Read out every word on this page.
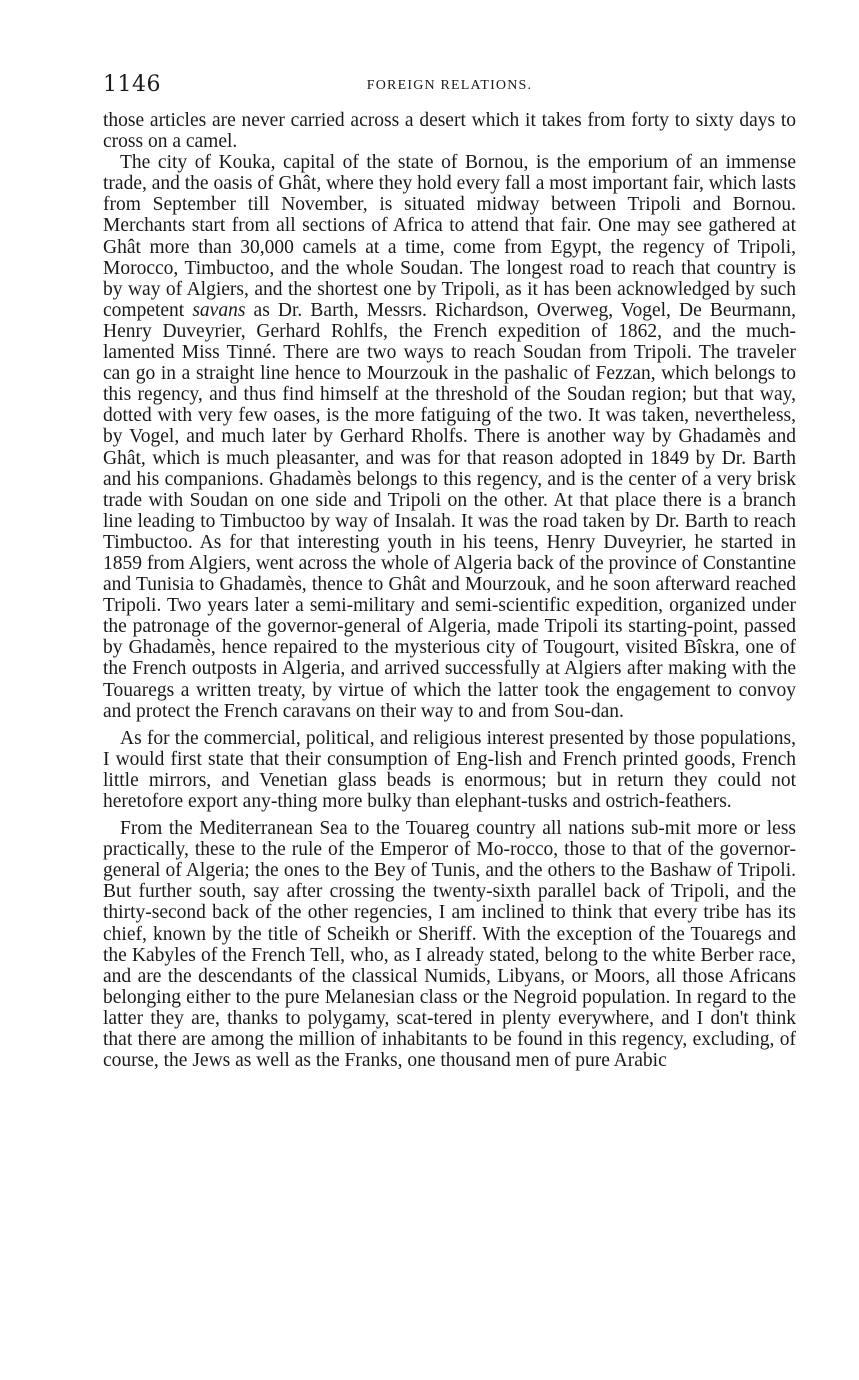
1146	FOREIGN RELATIONS.

those articles are never carried across a desert which it takes from forty to sixty days to cross on a camel.

The city of Kouka, capital of the state of Bornou, is the emporium of an immense trade, and the oasis of Ghât, where they hold every fall a most important fair, which lasts from September till November, is situated midway between Tripoli and Bornou. Merchants start from all sections of Africa to attend that fair. One may see gathered at Ghât more than 30,000 camels at a time, come from Egypt, the regency of Tripoli, Morocco, Timbuctoo, and the whole Soudan. The longest road to reach that country is by way of Algiers, and the shortest one by Tripoli, as it has been acknowledged by such competent savans as Dr. Barth, Messrs. Richardson, Overweg, Vogel, De Beurmann, Henry Duveyrier, Gerhard Rohlfs, the French expedition of 1862, and the much-lamented Miss Tinné. There are two ways to reach Soudan from Tripoli. The traveler can go in a straight line hence to Mourzouk in the pashalic of Fezzan, which belongs to this regency, and thus find himself at the threshold of the Soudan region; but that way, dotted with very few oases, is the more fatiguing of the two. It was taken, nevertheless, by Vogel, and much later by Gerhard Rholfs. There is another way by Ghadamès and Ghât, which is much pleasanter, and was for that reason adopted in 1849 by Dr. Barth and his companions. Ghadamès belongs to this regency, and is the center of a very brisk trade with Soudan on one side and Tripoli on the other. At that place there is a branch line leading to Timbuctoo by way of Insalah. It was the road taken by Dr. Barth to reach Timbuctoo. As for that interesting youth in his teens, Henry Duveyrier, he started in 1859 from Algiers, went across the whole of Algeria back of the province of Constantine and Tunisia to Ghadamès, thence to Ghât and Mourzouk, and he soon afterward reached Tripoli. Two years later a semi-military and semi-scientific expedition, organized under the patronage of the governor-general of Algeria, made Tripoli its starting-point, passed by Ghadamès, hence repaired to the mysterious city of Tougourt, visited Bîskra, one of the French outposts in Algeria, and arrived successfully at Algiers after making with the Touaregs a written treaty, by virtue of which the latter took the engagement to convoy and protect the French caravans on their way to and from Sou-dan.

As for the commercial, political, and religious interest presented by those populations, I would first state that their consumption of Eng-lish and French printed goods, French little mirrors, and Venetian glass beads is enormous; but in return they could not heretofore export any-thing more bulky than elephant-tusks and ostrich-feathers.

From the Mediterranean Sea to the Touareg country all nations sub-mit more or less practically, these to the rule of the Emperor of Mo-rocco, those to that of the governor-general of Algeria; the ones to the Bey of Tunis, and the others to the Bashaw of Tripoli. But further south, say after crossing the twenty-sixth parallel back of Tripoli, and the thirty-second back of the other regencies, I am inclined to think that every tribe has its chief, known by the title of Scheikh or Sheriff. With the exception of the Touaregs and the Kabyles of the French Tell, who, as I already stated, belong to the white Berber race, and are the descendants of the classical Numids, Libyans, or Moors, all those Africans belonging either to the pure Melanesian class or the Negroid population. In regard to the latter they are, thanks to polygamy, scat-tered in plenty everywhere, and I don't think that there are among the million of inhabitants to be found in this regency, excluding, of course, the Jews as well as the Franks, one thousand men of pure Arabic
